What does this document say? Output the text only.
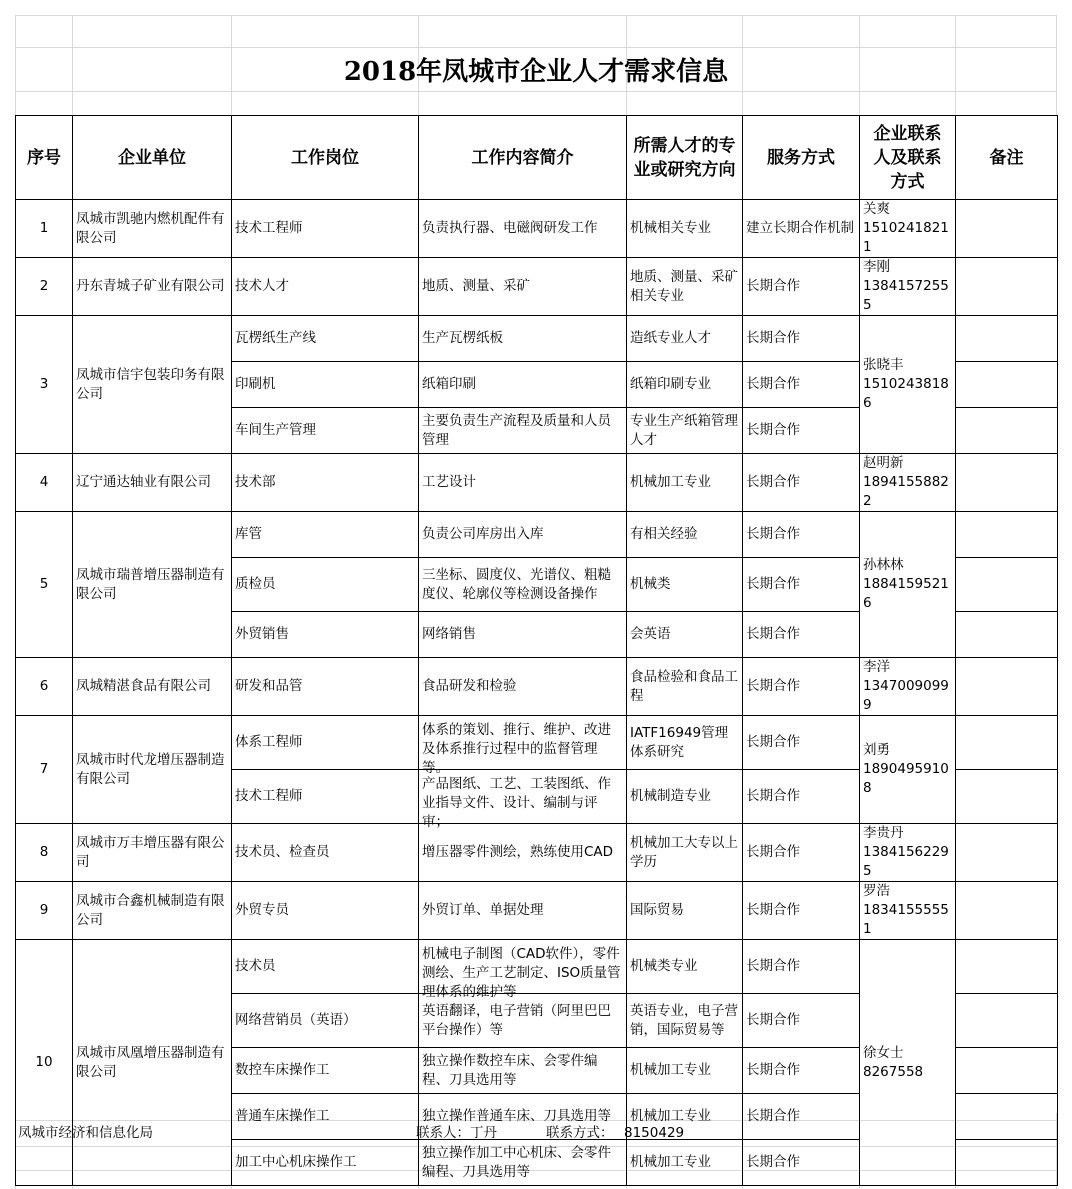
2018年凤城市企业人才需求信息
序号	企业单位	工作岗位	工作内容简介	所需人才的专业或研究方向	服务方式	企业联系人及联系方式	备注

1	凤城市凯驰内燃机配件有限公司	技术工程师	负责执行器、电磁阀研发工作	机械相关专业	建立长期合作机制	关爽
15102418211	

2	丹东青城子矿业有限公司	技术人才	地质、测量、采矿	地质、测量、采矿相关专业	长期合作	李刚
13841572555	

3	凤城市信宇包装印务有限公司	瓦楞纸生产线	生产瓦楞纸板	造纸专业人才	长期合作	张晓丰
15102438186	

		印刷机	纸箱印刷	纸箱印刷专业	长期合作		

		车间生产管理	主要负责生产流程及质量和人员管理	专业生产纸箱管理人才	长期合作		

4	辽宁通达轴业有限公司	技术部	工艺设计	机械加工专业	长期合作	赵明新
18941558822	

5	凤城市瑞普增压器制造有限公司	库管	负责公司库房出入库	有相关经验	长期合作	孙林林
18841595216	

		质检员	三坐标、圆度仪、光谱仪、粗糙度仪、轮廓仪等检测设备操作	机械类	长期合作		

		外贸销售	网络销售	会英语	长期合作		

6	凤城精湛食品有限公司	研发和品管	食品研发和检验	食品检验和食品工程	长期合作	李洋
13470090999	

7	凤城市时代龙增压器制造有限公司	体系工程师	体系的策划、推行、维护、改进及体系推行过程中的监督管理等。	IATF16949管理体系研究	长期合作	刘勇
18904959108	

		技术工程师	产品图纸、工艺、工装图纸、作业指导文件、设计、编制与评审；	机械制造专业	长期合作		

8	凤城市万丰增压器有限公司	技术员、检查员	增压器零件测绘，熟练使用CAD	机械加工大专以上学历	长期合作	李贵丹
13841562295	

9	凤城市合鑫机械制造有限公司	外贸专员	外贸订单、单据处理	国际贸易	长期合作	罗浩
18341555551	

10	凤城市凤凰增压器制造有限公司	技术员	机械电子制图（CAD软件），零件测绘、生产工艺制定、ISO质量管理体系的维护等	机械类专业	长期合作	徐女士
8267558	

		网络营销员（英语）	英语翻译，电子营销（阿里巴巴平台操作）等	英语专业，电子营销，国际贸易等	长期合作		

		数控车床操作工	独立操作数控车床、会零件编程、刀具选用等	机械加工专业	长期合作		

		普通车床操作工	独立操作普通车床、刀具选用等	机械加工专业	长期合作		

		加工中心机床操作工	独立操作加工中心机床、会零件编程、刀具选用等	机械加工专业	长期合作		

凤城市经济和信息化局	联系人：丁丹	联系方式： 8150429
